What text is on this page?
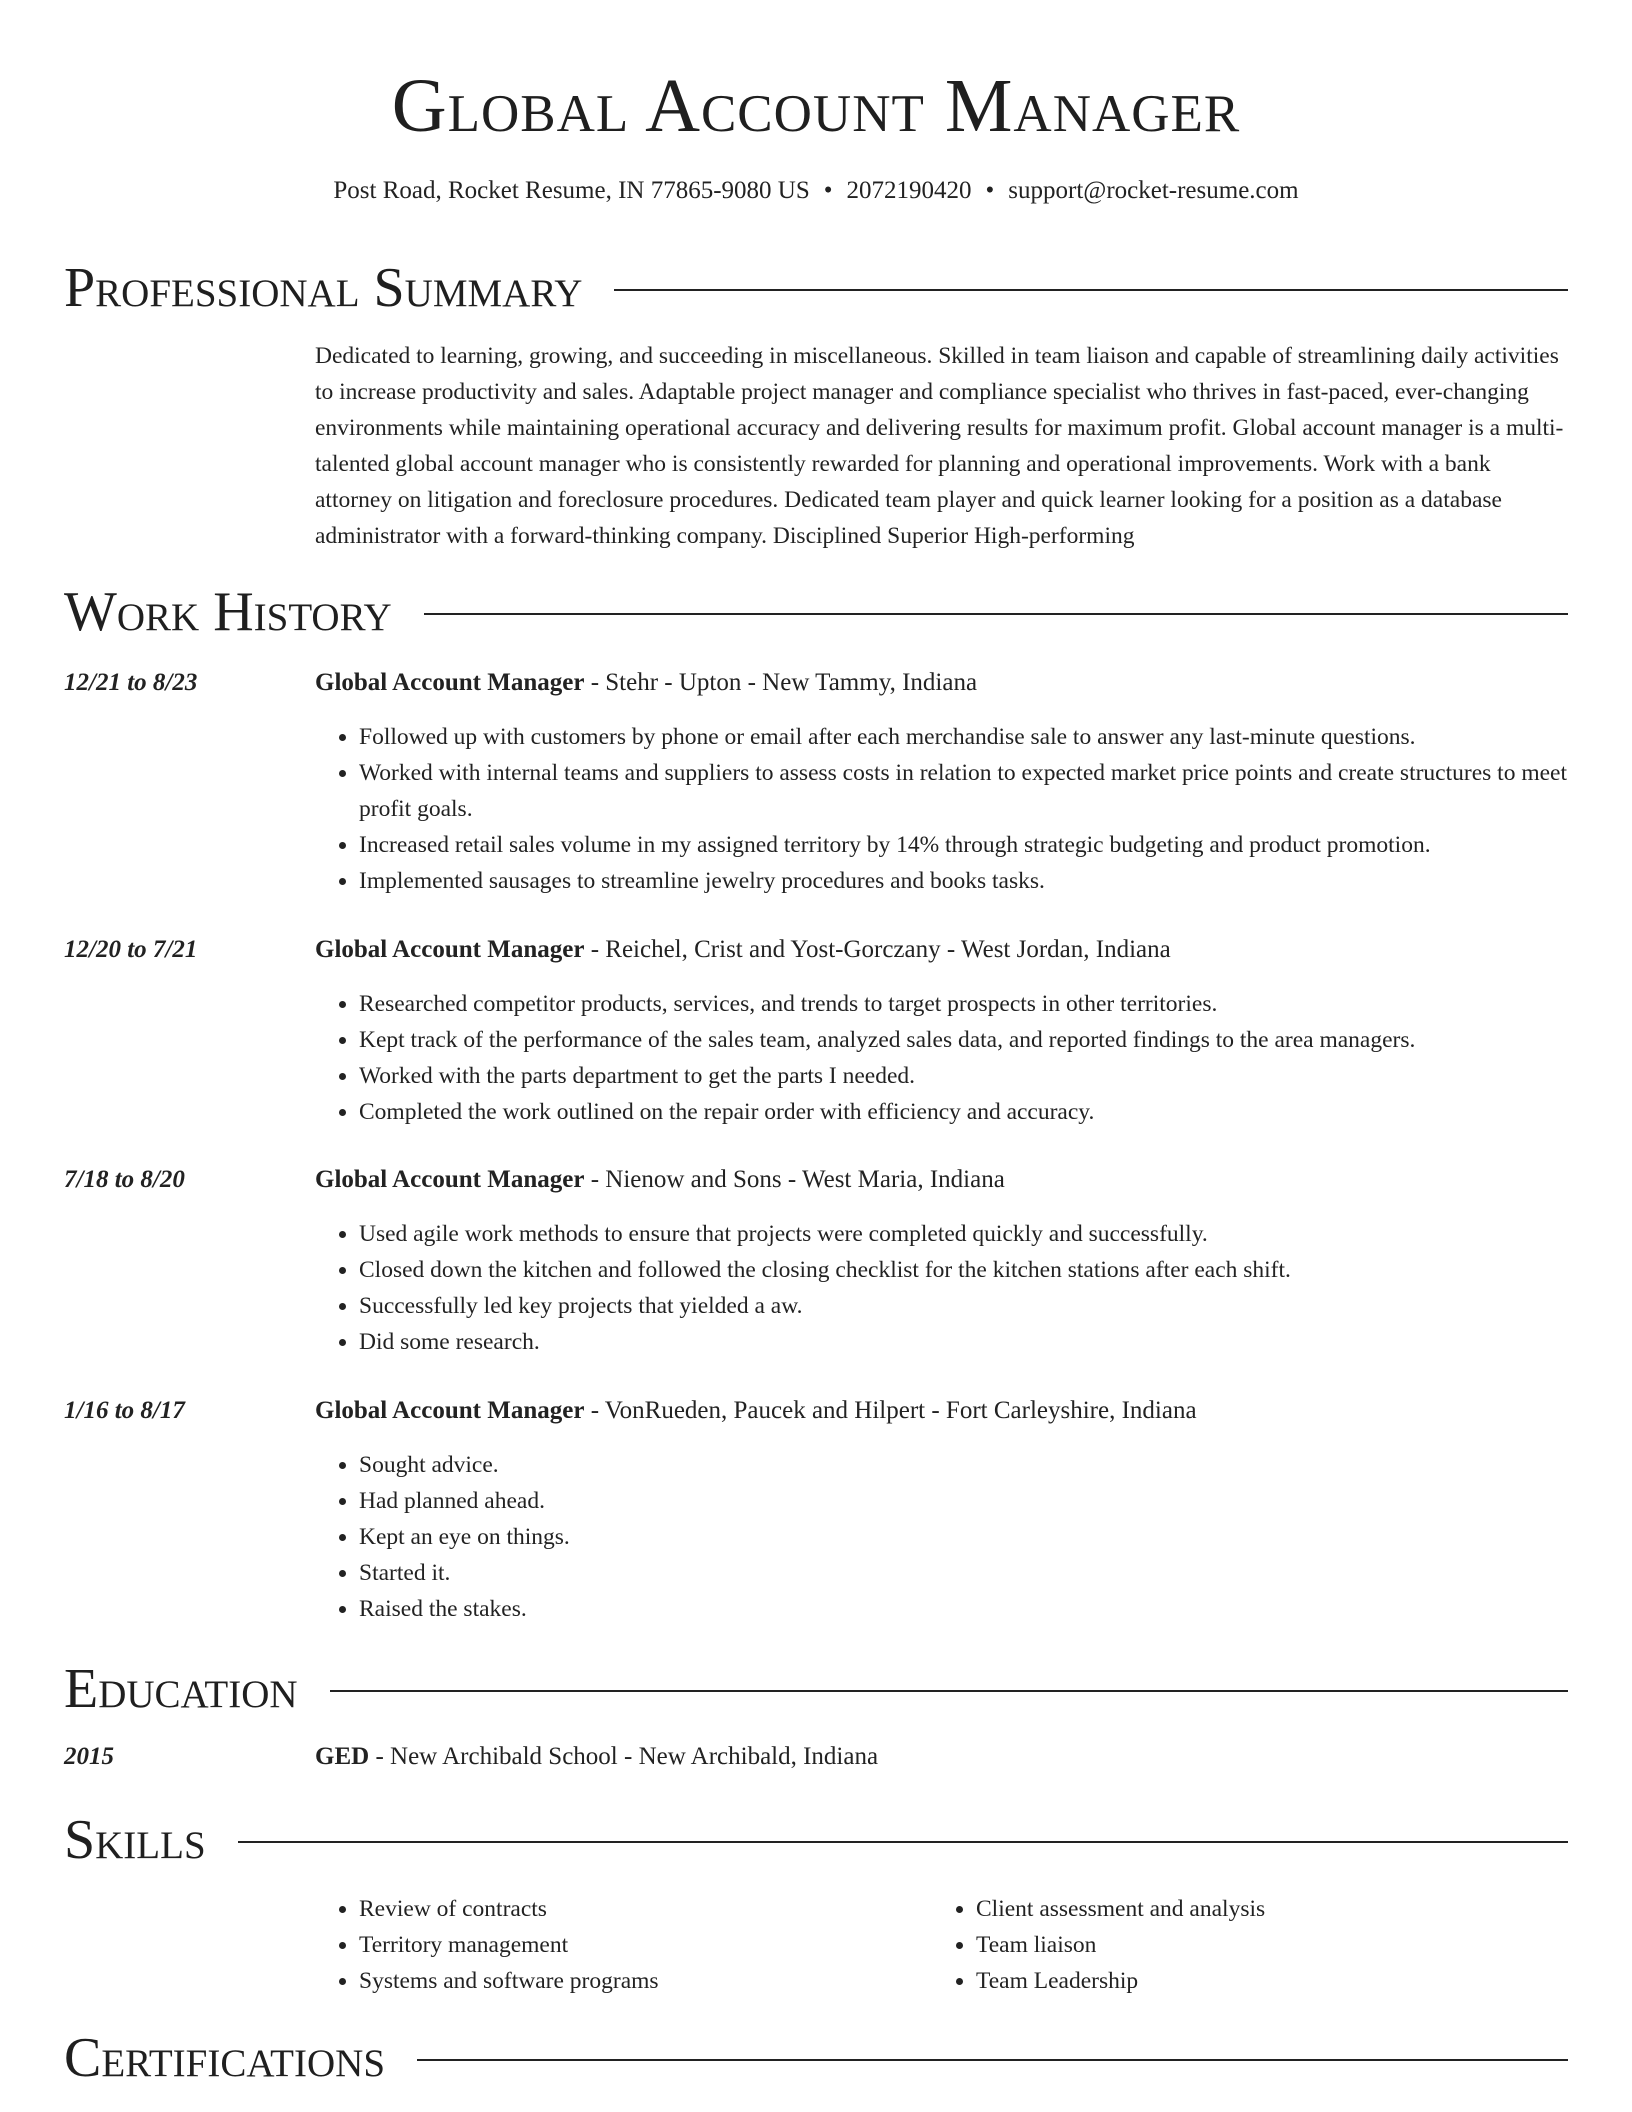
Global Account Manager
Post Road, Rocket Resume, IN 77865-9080 US • 2072190420 • support@rocket-resume.com
Professional Summary
Dedicated to learning, growing, and succeeding in miscellaneous. Skilled in team liaison and capable of streamlining daily activities to increase productivity and sales. Adaptable project manager and compliance specialist who thrives in fast-paced, ever-changing environments while maintaining operational accuracy and delivering results for maximum profit. Global account manager is a multi-talented global account manager who is consistently rewarded for planning and operational improvements. Work with a bank attorney on litigation and foreclosure procedures. Dedicated team player and quick learner looking for a position as a database administrator with a forward-thinking company. Disciplined Superior High-performing
Work History
12/21 to 8/23	Global Account Manager - Stehr - Upton - New Tammy, Indiana
• Followed up with customers by phone or email after each merchandise sale to answer any last-minute questions.
• Worked with internal teams and suppliers to assess costs in relation to expected market price points and create structures to meet profit goals.
• Increased retail sales volume in my assigned territory by 14% through strategic budgeting and product promotion.
• Implemented sausages to streamline jewelry procedures and books tasks.
12/20 to 7/21	Global Account Manager - Reichel, Crist and Yost-Gorczany - West Jordan, Indiana
• Researched competitor products, services, and trends to target prospects in other territories.
• Kept track of the performance of the sales team, analyzed sales data, and reported findings to the area managers.
• Worked with the parts department to get the parts I needed.
• Completed the work outlined on the repair order with efficiency and accuracy.
7/18 to 8/20	Global Account Manager - Nienow and Sons - West Maria, Indiana
• Used agile work methods to ensure that projects were completed quickly and successfully.
• Closed down the kitchen and followed the closing checklist for the kitchen stations after each shift.
• Successfully led key projects that yielded a aw.
• Did some research.
1/16 to 8/17	Global Account Manager - VonRueden, Paucek and Hilpert - Fort Carleyshire, Indiana
• Sought advice.
• Had planned ahead.
• Kept an eye on things.
• Started it.
• Raised the stakes.
Education
2015	GED - New Archibald School - New Archibald, Indiana
Skills
• Review of contracts
• Territory management
• Systems and software programs
• Client assessment and analysis
• Team liaison
• Team Leadership
Certifications
